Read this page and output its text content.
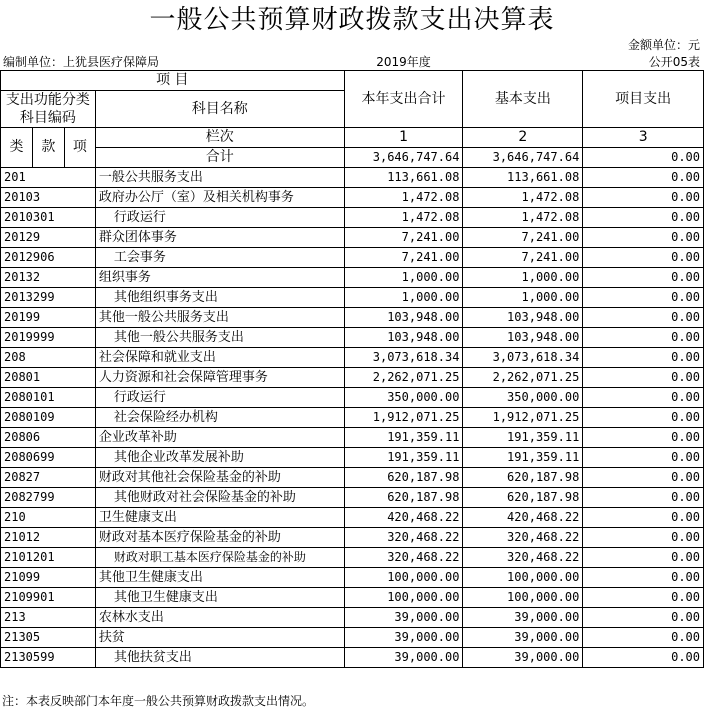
一般公共预算财政拨款支出决算表
金额单位：元
编制单位：上犹县医疗保障局	2019年度	公开05表
项 目				本年支出合计	基本支出	项目支出
支出功能分类科目编码			科目名称			

类	款	项				
			栏次	1	2	3
			合计	3,646,747.64	3,646,747.64	0.00
201			一般公共服务支出	113,661.08	113,661.08	0.00
20103			政府办公厅（室）及相关机构事务	1,472.08	1,472.08	0.00
2010301			行政运行	1,472.08	1,472.08	0.00
20129			群众团体事务	7,241.00	7,241.00	0.00
2012906			工会事务	7,241.00	7,241.00	0.00
20132			组织事务	1,000.00	1,000.00	0.00
2013299			其他组织事务支出	1,000.00	1,000.00	0.00
20199			其他一般公共服务支出	103,948.00	103,948.00	0.00
2019999			其他一般公共服务支出	103,948.00	103,948.00	0.00
208			社会保障和就业支出	3,073,618.34	3,073,618.34	0.00
20801			人力资源和社会保障管理事务	2,262,071.25	2,262,071.25	0.00
2080101			行政运行	350,000.00	350,000.00	0.00
2080109			社会保险经办机构	1,912,071.25	1,912,071.25	0.00
20806			企业改革补助	191,359.11	191,359.11	0.00
2080699			其他企业改革发展补助	191,359.11	191,359.11	0.00
20827			财政对其他社会保险基金的补助	620,187.98	620,187.98	0.00
2082799			其他财政对社会保险基金的补助	620,187.98	620,187.98	0.00
210			卫生健康支出	420,468.22	420,468.22	0.00
21012			财政对基本医疗保险基金的补助	320,468.22	320,468.22	0.00
2101201			财政对职工基本医疗保险基金的补助	320,468.22	320,468.22	0.00
21099			其他卫生健康支出	100,000.00	100,000.00	0.00
2109901			其他卫生健康支出	100,000.00	100,000.00	0.00
213			农林水支出	39,000.00	39,000.00	0.00
21305			扶贫	39,000.00	39,000.00	0.00
2130599			其他扶贫支出	39,000.00	39,000.00	0.00
注：本表反映部门本年度一般公共预算财政拨款支出情况。
